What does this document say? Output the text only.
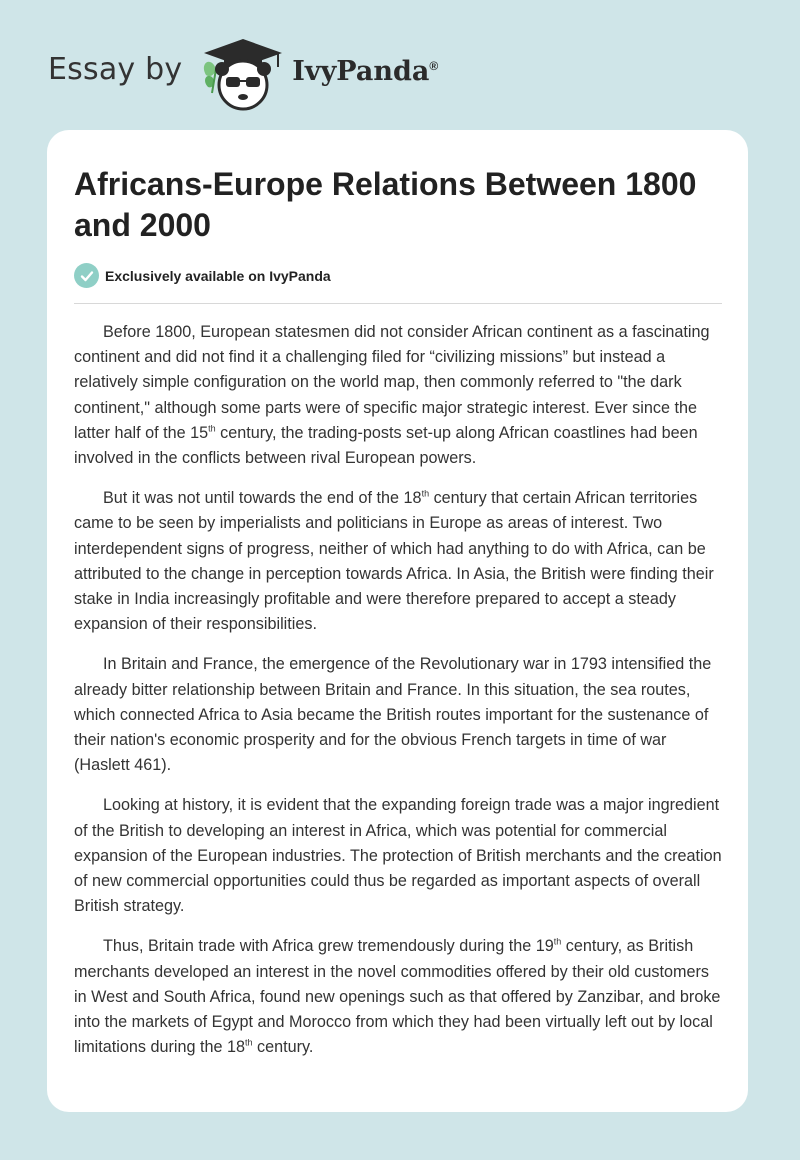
Essay by	IvyPanda®
Africans-Europe Relations Between 1800 and 2000
Exclusively available on IvyPanda

Before 1800, European statesmen did not consider African continent as a fascinating continent and did not find it a challenging filed for “civilizing missions” but instead a relatively simple configuration on the world map, then commonly referred to "the dark continent," although some parts were of specific major strategic interest. Ever since the latter half of the 15th century, the trading-posts set-up along African coastlines had been involved in the conflicts between rival European powers.

But it was not until towards the end of the 18th century that certain African territories came to be seen by imperialists and politicians in Europe as areas of interest. Two interdependent signs of progress, neither of which had anything to do with Africa, can be attributed to the change in perception towards Africa. In Asia, the British were finding their stake in India increasingly profitable and were therefore prepared to accept a steady expansion of their responsibilities.

In Britain and France, the emergence of the Revolutionary war in 1793 intensified the already bitter relationship between Britain and France. In this situation, the sea routes, which connected Africa to Asia became the British routes important for the sustenance of their nation's economic prosperity and for the obvious French targets in time of war (Haslett 461).

Looking at history, it is evident that the expanding foreign trade was a major ingredient of the British to developing an interest in Africa, which was potential for commercial expansion of the European industries. The protection of British merchants and the creation of new commercial opportunities could thus be regarded as important aspects of overall British strategy.

Thus, Britain trade with Africa grew tremendously during the 19th century, as British merchants developed an interest in the novel commodities offered by their old customers in West and South Africa, found new openings such as that offered by Zanzibar, and broke into the markets of Egypt and Morocco from which they had been virtually left out by local limitations during the 18th century.
